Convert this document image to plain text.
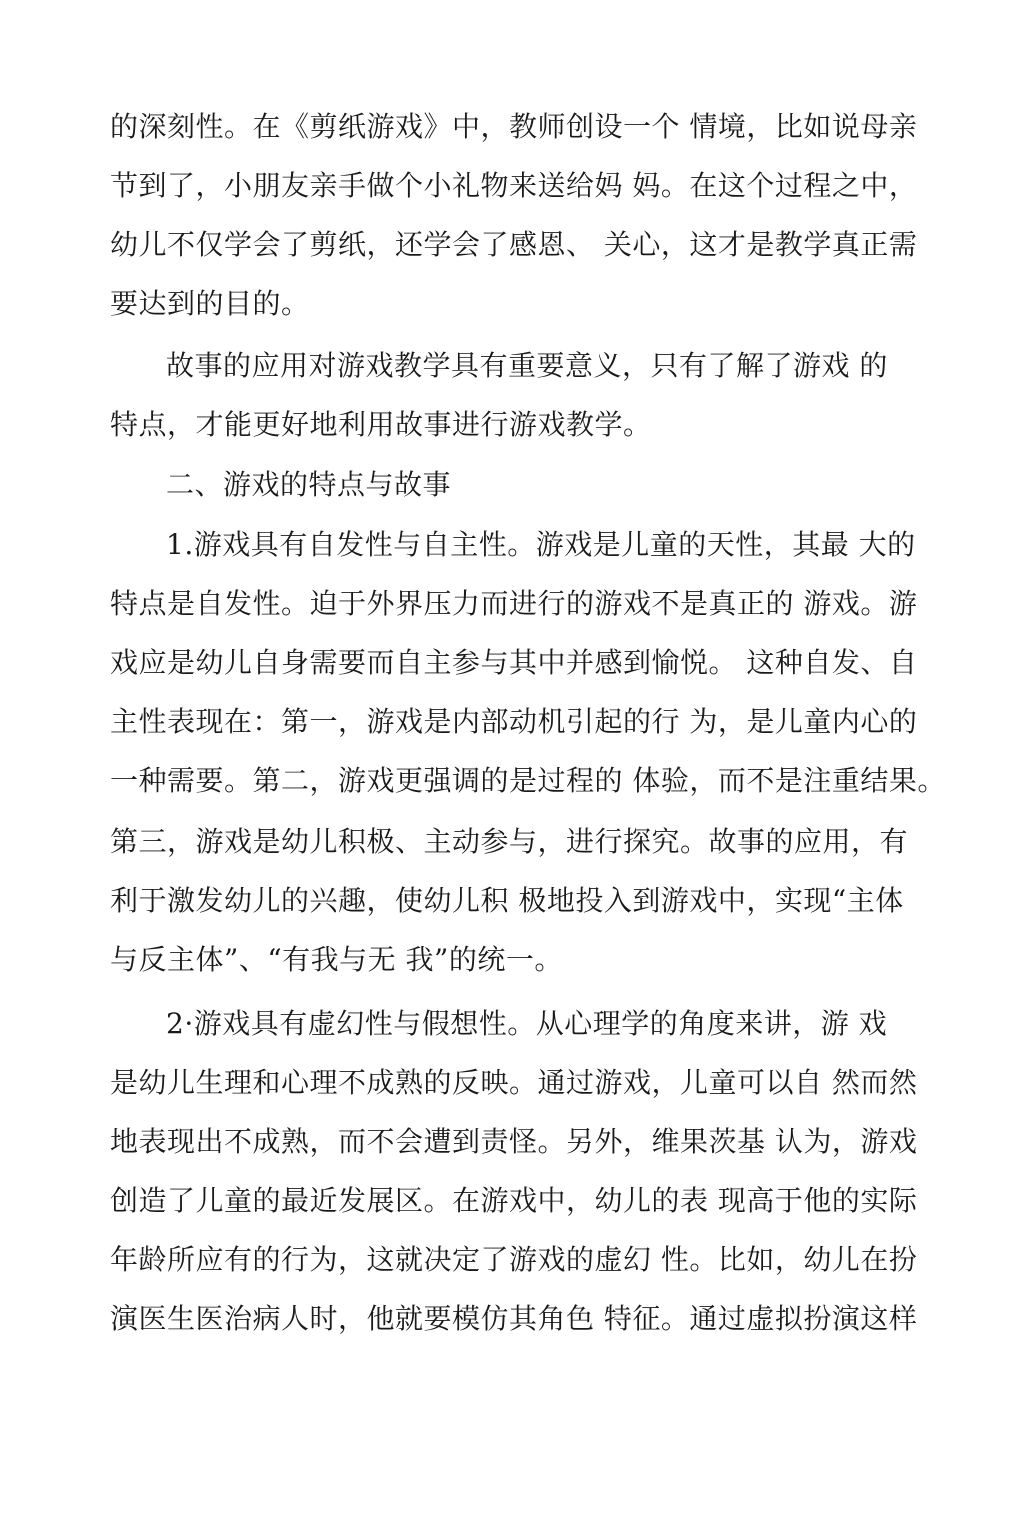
的深刻性。在《剪纸游戏》中，教师创设一个 情境，比如说母亲
节到了，小朋友亲手做个小礼物来送给妈 妈。在这个过程之中，
幼儿不仅学会了剪纸，还学会了感恩、 关心，这才是教学真正需
要达到的目的。
故事的应用对游戏教学具有重要意义，只有了解了游戏 的
特点，才能更好地利用故事进行游戏教学。
二、游戏的特点与故事
1.游戏具有自发性与自主性。游戏是儿童的天性，其最 大的
特点是自发性。迫于外界压力而进行的游戏不是真正的 游戏。游
戏应是幼儿自身需要而自主参与其中并感到愉悦。 这种自发、自
主性表现在：第一，游戏是内部动机引起的行 为，是儿童内心的
一种需要。第二，游戏更强调的是过程的 体验，而不是注重结果。
第三，游戏是幼儿积极、主动参与，进行探究。故事的应用，有
利于激发幼儿的兴趣，使幼儿积 极地投入到游戏中，实现“主体
与反主体”、“有我与无 我”的统一。
2·游戏具有虚幻性与假想性。从心理学的角度来讲，游 戏
是幼儿生理和心理不成熟的反映。通过游戏，儿童可以自 然而然
地表现出不成熟，而不会遭到责怪。另外，维果茨基 认为，游戏
创造了儿童的最近发展区。在游戏中，幼儿的表 现高于他的实际
年龄所应有的行为，这就决定了游戏的虚幻 性。比如，幼儿在扮
演医生医治病人时，他就要模仿其角色 特征。通过虚拟扮演这样
